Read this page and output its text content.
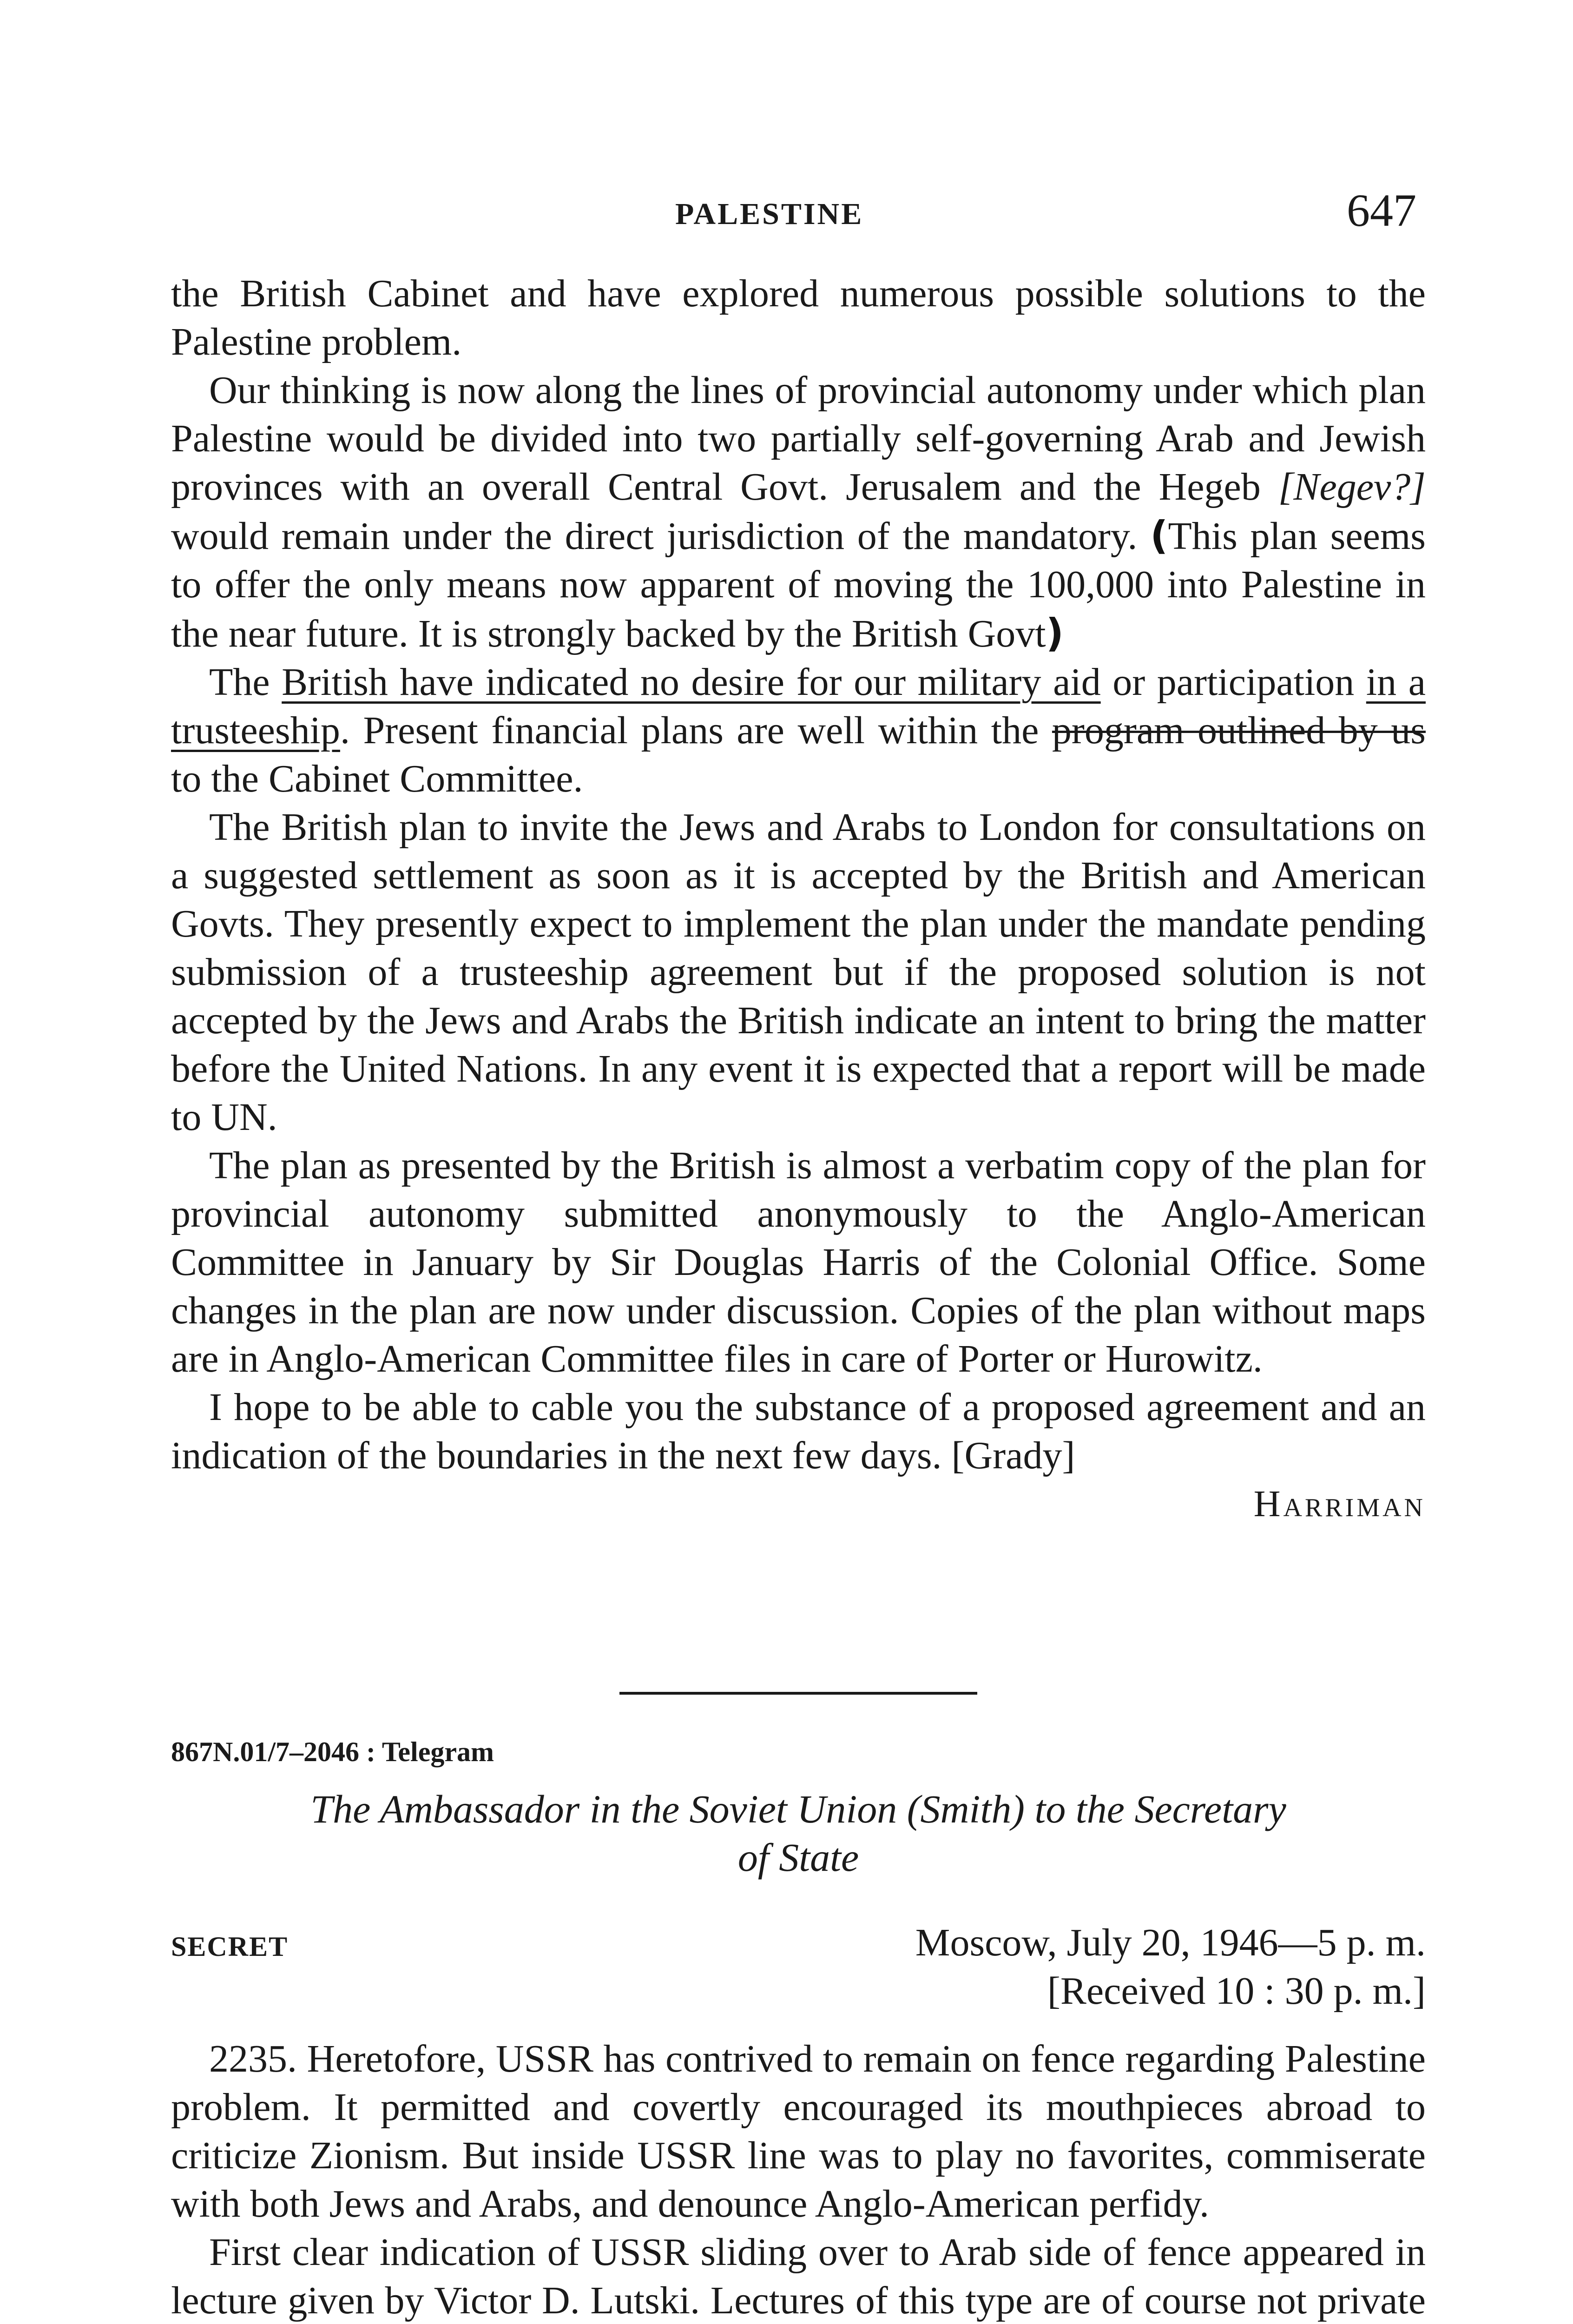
PALESTINE	647

the British Cabinet and have explored numerous possible solutions to the Palestine problem.

Our thinking is now along the lines of provincial autonomy under which plan Palestine would be divided into two partially self-governing Arab and Jewish provinces with an overall Central Govt. Jerusalem and the Hegeb [Negev?] would remain under the direct jurisdiction of the mandatory. (This plan seems to offer the only means now apparent of moving the 100,000 into Palestine in the near future. It is strongly backed by the British Govt)

The British have indicated no desire for our military aid or participation in a trusteeship. Present financial plans are well within the program outlined by us to the Cabinet Committee.

The British plan to invite the Jews and Arabs to London for consultations on a suggested settlement as soon as it is accepted by the British and American Govts. They presently expect to implement the plan under the mandate pending submission of a trusteeship agreement but if the proposed solution is not accepted by the Jews and Arabs the British indicate an intent to bring the matter before the United Nations. In any event it is expected that a report will be made to UN.

The plan as presented by the British is almost a verbatim copy of the plan for provincial autonomy submitted anonymously to the Anglo-American Committee in January by Sir Douglas Harris of the Colonial Office. Some changes in the plan are now under discussion. Copies of the plan without maps are in Anglo-American Committee files in care of Porter or Hurowitz.

I hope to be able to cable you the substance of a proposed agreement and an indication of the boundaries in the next few days. [Grady]

Harriman

867N.01/7–2046 : Telegram

The Ambassador in the Soviet Union (Smith) to the Secretary
of State

SECRET	Moscow, July 20, 1946—5 p. m.
[Received 10 : 30 p. m.]

2235. Heretofore, USSR has contrived to remain on fence regarding Palestine problem. It permitted and covertly encouraged its mouthpieces abroad to criticize Zionism. But inside USSR line was to play no favorites, commiserate with both Jews and Arabs, and denounce Anglo-American perfidy.

First clear indication of USSR sliding over to Arab side of fence appeared in lecture given by Victor D. Lutski. Lectures of this type are of course not private
